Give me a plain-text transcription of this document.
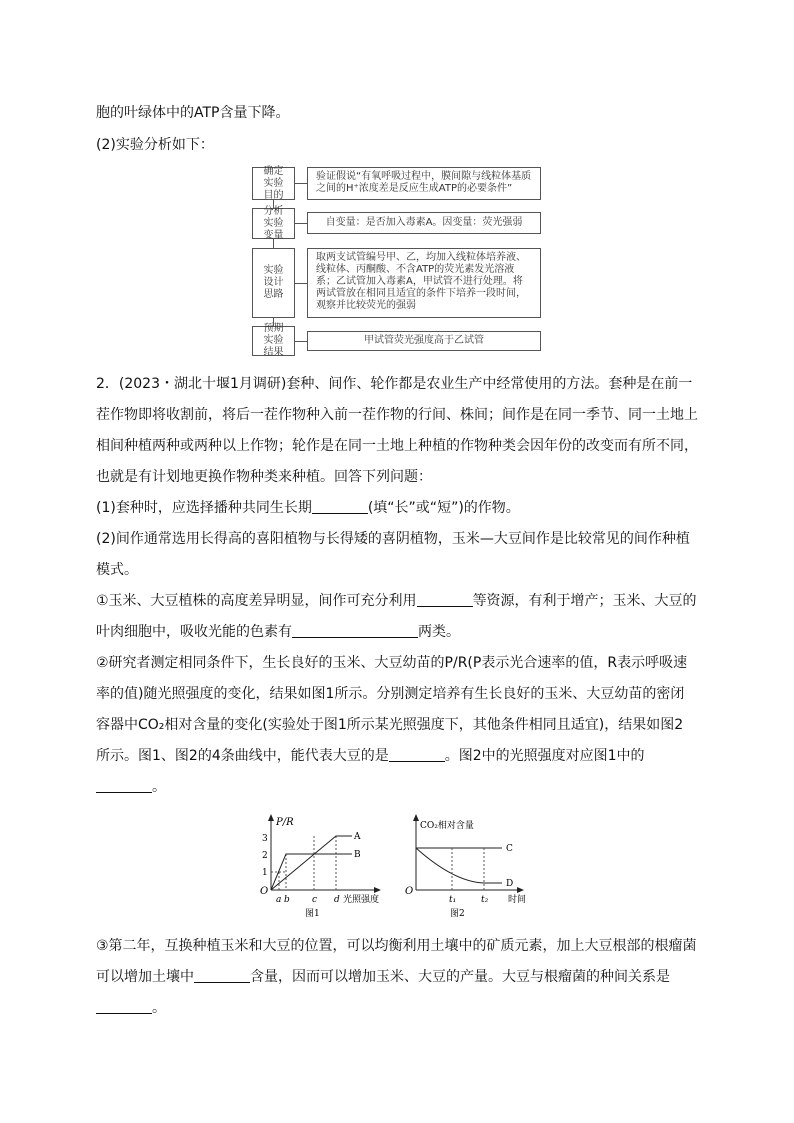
胞的叶绿体中的ATP含量下降。
(2)实验分析如下：
确定实验目的
验证假说“有氧呼吸过程中，膜间隙与线粒体基质之间的H⁺浓度差是反应生成ATP的必要条件”
分析实验变量
自变量：是否加入毒素A。因变量：荧光强弱
实验设计思路
取两支试管编号甲、乙，均加入线粒体培养液、线粒体、丙酮酸、不含ATP的荧光素发光溶液系；乙试管加入毒素A，甲试管不进行处理。将两试管放在相同且适宜的条件下培养一段时间，观察并比较荧光的强弱
预期实验结果
甲试管荧光强度高于乙试管
2．(2023・湖北十堰1月调研)套种、间作、轮作都是农业生产中经常使用的方法。套种是在前一
茬作物即将收割前，将后一茬作物种入前一茬作物的行间、株间；间作是在同一季节、同一土地上
相间种植两种或两种以上作物；轮作是在同一土地上种植的作物种类会因年份的改变而有所不同，
也就是有计划地更换作物种类来种植。回答下列问题：
(1)套种时，应选择播种共同生长期	(填“长”或“短”)的作物。
(2)间作通常选用长得高的喜阳植物与长得矮的喜阴植物，玉米—大豆间作是比较常见的间作种植
模式。
①玉米、大豆植株的高度差异明显，间作可充分利用	等资源，有利于增产；玉米、大豆的
叶肉细胞中，吸收光能的色素有	两类。
②研究者测定相同条件下，生长良好的玉米、大豆幼苗的P/R(P表示光合速率的值，R表示呼吸速
率的值)随光照强度的变化，结果如图1所示。分别测定培养有生长良好的玉米、大豆幼苗的密闭
容器中CO₂相对含量的变化(实验处于图1所示某光照强度下，其他条件相同且适宜)，结果如图2
所示。图1、图2的4条曲线中，能代表大豆的是	。图2中的光照强度对应图1中的
。
P/R
O
3
2
1
A
B
a b c d 光照强度
图1
CO₂相对含量
O
C
D
t₁	t₂ 时间
图2
③第二年，互换种植玉米和大豆的位置，可以均衡利用土壤中的矿质元素，加上大豆根部的根瘤菌
可以增加土壤中	含量，因而可以增加玉米、大豆的产量。大豆与根瘤菌的种间关系是
。
